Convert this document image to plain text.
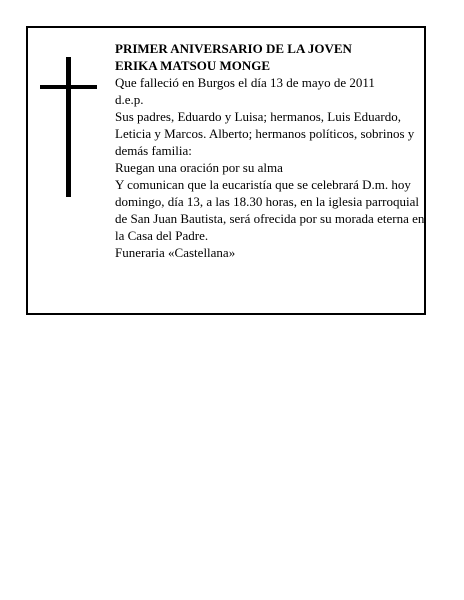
PRIMER ANIVERSARIO DE LA JOVEN

ERIKA MATSOU MONGE

Que falleció en Burgos el día 13 de mayo de 2011

d.e.p.

Sus padres, Eduardo y Luisa; hermanos, Luis Eduardo, Leticia y Marcos. Alberto; hermanos políticos, sobrinos y demás familia:

Ruegan una oración por su alma

Y comunican que la eucaristía que se celebrará D.m. hoy domingo, día 13, a las 18.30 horas, en la iglesia parroquial de San Juan Bautista, será ofrecida por su morada eterna en la Casa del Padre.

Funeraria «Castellana»
